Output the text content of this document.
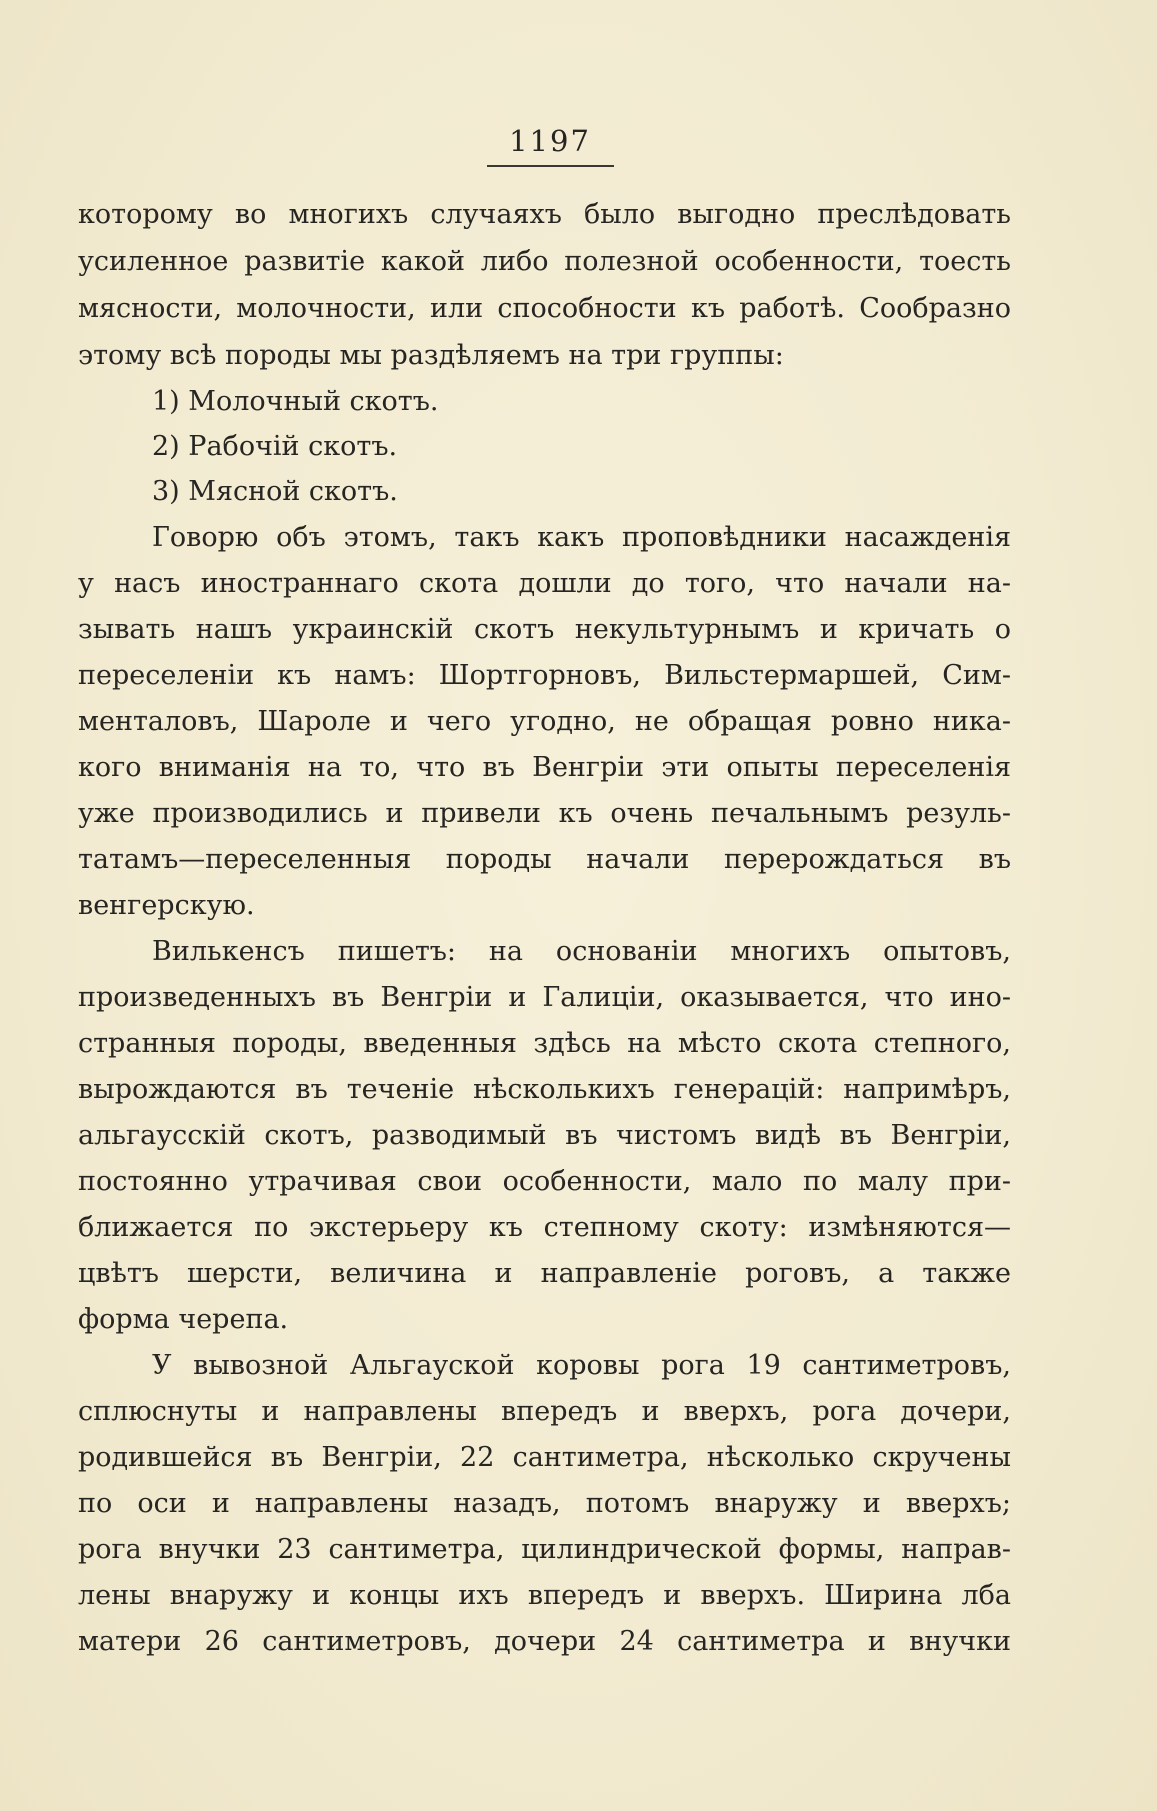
1197
которому во многихъ случаяхъ было выгодно преслѣдовать
усиленное развитіе какой либо полезной особенности, тоесть
мясности, молочности, или способности къ работѣ. Сообразно
этому всѣ породы мы раздѣляемъ на три группы:
1) Молочный скотъ.
2) Рабочій скотъ.
3) Мясной скотъ.
Говорю объ этомъ, такъ какъ проповѣдники насажденія
у насъ иностраннаго скота дошли до того, что начали на-
зывать нашъ украинскій скотъ некультурнымъ и кричать о
переселеніи къ намъ: Шортгорновъ, Вильстермаршей, Сим-
менталовъ, Шароле и чего угодно, не обращая ровно ника-
кого вниманія на то, что въ Венгріи эти опыты переселенія
уже производились и привели къ очень печальнымъ резуль-
татамъ—переселенныя породы начали перерождаться въ
венгерскую.
Вилькенсъ пишетъ: на основаніи многихъ опытовъ,
произведенныхъ въ Венгріи и Галиціи, оказывается, что ино-
странныя породы, введенныя здѣсь на мѣсто скота степного,
вырождаются въ теченіе нѣсколькихъ генерацій: напримѣръ,
альгаусскій скотъ, разводимый въ чистомъ видѣ въ Венгріи,
постоянно утрачивая свои особенности, мало по малу при-
ближается по экстерьеру къ степному скоту: измѣняются—
цвѣтъ шерсти, величина и направленіе роговъ, а также
форма черепа.
У вывозной Альгауской коровы рога 19 сантиметровъ,
сплюснуты и направлены впередъ и вверхъ, рога дочери,
родившейся въ Венгріи, 22 сантиметра, нѣсколько скручены
по оси и направлены назадъ, потомъ внаружу и вверхъ;
рога внучки 23 сантиметра, цилиндрической формы, направ-
лены внаружу и концы ихъ впередъ и вверхъ. Ширина лба
матери 26 сантиметровъ, дочери 24 сантиметра и внучки
